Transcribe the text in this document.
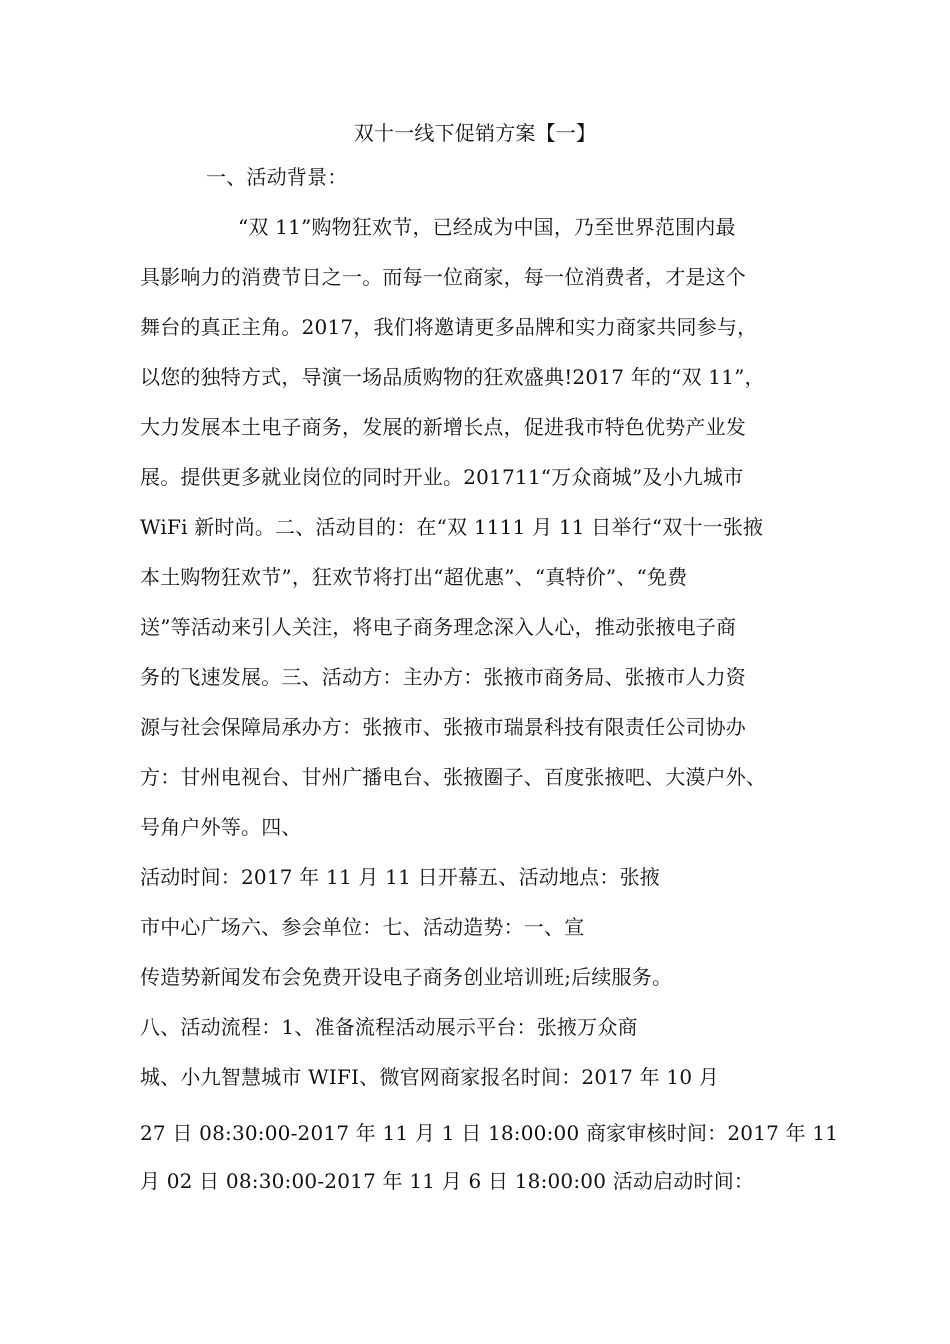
双十一线下促销方案【一】
一、活动背景：
“双 11”购物狂欢节，已经成为中国，乃至世界范围内最
具影响力的消费节日之一。而每一位商家，每一位消费者，才是这个
舞台的真正主角。2017，我们将邀请更多品牌和实力商家共同参与，
以您的独特方式，导演一场品质购物的狂欢盛典!2017 年的“双 11”，
大力发展本土电子商务，发展的新增长点，促进我市特色优势产业发
展。提供更多就业岗位的同时开业。201711“万众商城”及小九城市
WiFi 新时尚。二、活动目的：在“双 1111 月 11 日举行“双十一张掖
本土购物狂欢节”，狂欢节将打出“超优惠”、“真特价”、“免费
送”等活动来引人关注，将电子商务理念深入人心，推动张掖电子商
务的飞速发展。三、活动方：主办方：张掖市商务局、张掖市人力资
源与社会保障局承办方：张掖市、张掖市瑞景科技有限责任公司协办
方：甘州电视台、甘州广播电台、张掖圈子、百度张掖吧、大漠户外、
号角户外等。四、
活动时间：2017 年 11 月 11 日开幕五、活动地点：张掖
市中心广场六、参会单位：七、活动造势：一、宣
传造势新闻发布会免费开设电子商务创业培训班;后续服务。
八、活动流程：1、准备流程活动展示平台：张掖万众商
城、小九智慧城市 WIFI、微官网商家报名时间：2017 年 10 月
27 日 08:30:00-2017 年 11 月 1 日 18:00:00 商家审核时间：2017 年 11
月 02 日 08:30:00-2017 年 11 月 6 日 18:00:00 活动启动时间：
